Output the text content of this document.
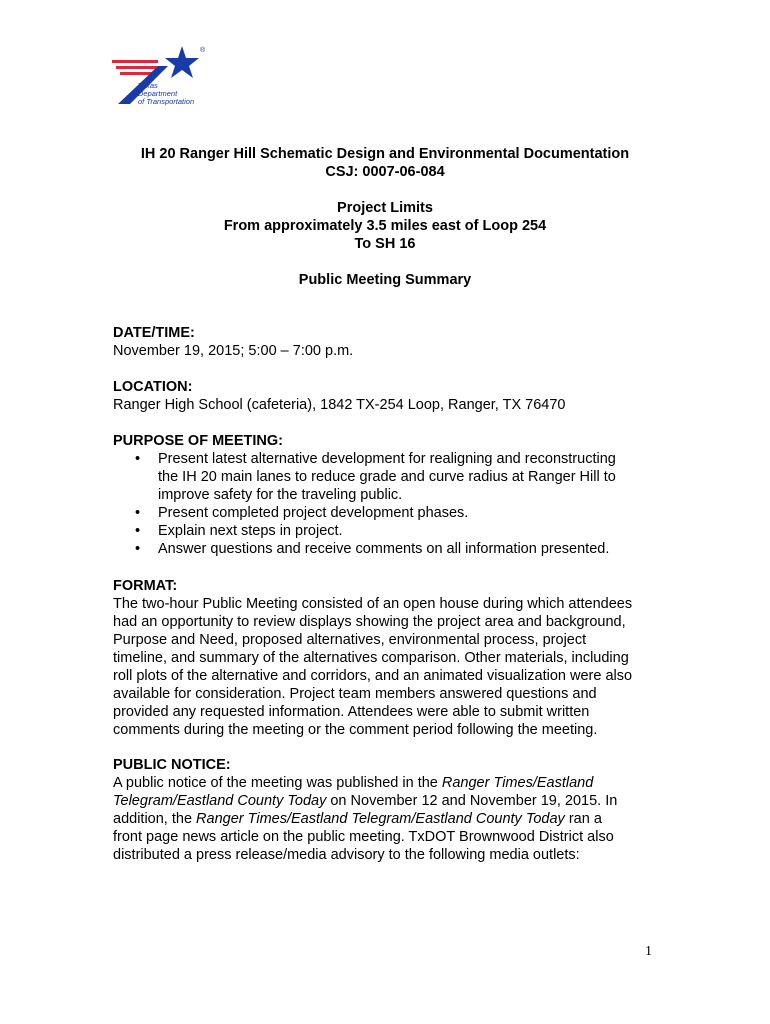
®
Texas
Department
of Transportation
IH 20 Ranger Hill Schematic Design and Environmental Documentation
CSJ: 0007-06-084
Project Limits
From approximately 3.5 miles east of Loop 254
To SH 16
Public Meeting Summary
DATE/TIME:
November 19, 2015; 5:00 – 7:00 p.m.
LOCATION:
Ranger High School (cafeteria), 1842 TX-254 Loop, Ranger, TX 76470
PURPOSE OF MEETING:
• Present latest alternative development for realigning and reconstructing
the IH 20 main lanes to reduce grade and curve radius at Ranger Hill to
improve safety for the traveling public.
• Present completed project development phases.
• Explain next steps in project.
• Answer questions and receive comments on all information presented.
FORMAT:
The two-hour Public Meeting consisted of an open house during which attendees
had an opportunity to review displays showing the project area and background,
Purpose and Need, proposed alternatives, environmental process, project
timeline, and summary of the alternatives comparison. Other materials, including
roll plots of the alternative and corridors, and an animated visualization were also
available for consideration. Project team members answered questions and
provided any requested information. Attendees were able to submit written
comments during the meeting or the comment period following the meeting.
PUBLIC NOTICE:
A public notice of the meeting was published in the Ranger Times/Eastland
Telegram/Eastland County Today on November 12 and November 19, 2015. In
addition, the Ranger Times/Eastland Telegram/Eastland County Today ran a
front page news article on the public meeting. TxDOT Brownwood District also
distributed a press release/media advisory to the following media outlets:
1
